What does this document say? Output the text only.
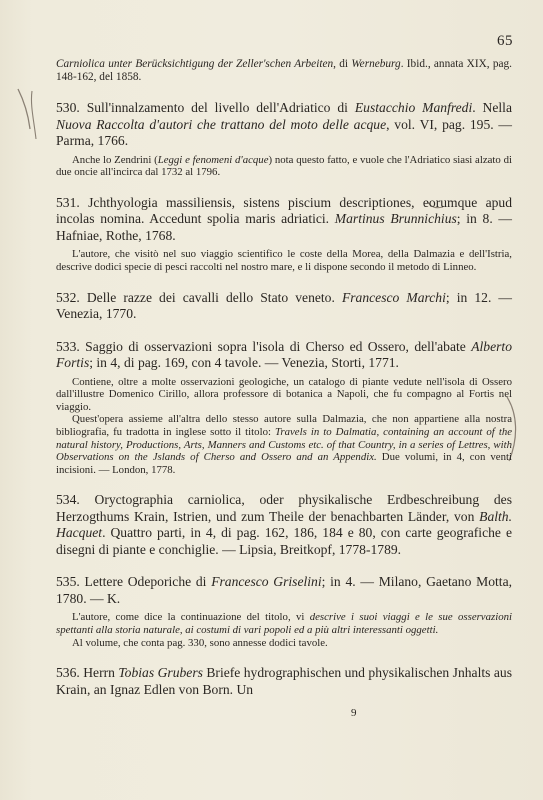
65

Carniolica unter Berücksichtigung der Zeller'schen Arbeiten, di Werneburg. Ibid., annata XIX, pag. 148-162, del 1858.

530. Sull'innalzamento del livello dell'Adriatico di Eustacchio Manfredi. Nella Nuova Raccolta d'autori che trattano del moto delle acque, vol. VI, pag. 195. — Parma, 1766.

Anche lo Zendrini (Leggi e fenomeni d'acque) nota questo fatto, e vuole che l'Adriatico siasi alzato di due oncie all'incirca dal 1732 al 1796.

531. Jchthyologia massiliensis, sistens piscium descriptiones, eorumque apud incolas nomina. Accedunt spolia maris adriatici. Martinus Brunnichius; in 8. — Hafniae, Rothe, 1768.

L'autore, che visitò nel suo viaggio scientifico le coste della Morea, della Dalmazia e dell'Istria, descrive dodici specie di pesci raccolti nel nostro mare, e li dispone secondo il metodo di Linneo.

532. Delle razze dei cavalli dello Stato veneto. Francesco Marchi; in 12. — Venezia, 1770.

533. Saggio di osservazioni sopra l'isola di Cherso ed Ossero, dell'abate Alberto Fortis; in 4, di pag. 169, con 4 tavole. — Venezia, Storti, 1771.

Contiene, oltre a molte osservazioni geologiche, un catalogo di piante vedute nell'isola di Ossero dall'illustre Domenico Cirillo, allora professore di botanica a Napoli, che fu compagno al Fortis nel viaggio.

Quest'opera assieme all'altra dello stesso autore sulla Dalmazia, che non appartiene alla nostra bibliografia, fu tradotta in inglese sotto il titolo: Travels in to Dalmatia, containing an account of the natural history, Productions, Arts, Manners and Customs etc. of that Country, in a series of Lettres, with Observations on the Jslands of Cherso and Ossero and an Appendix. Due volumi, in 4, con venti incisioni. — London, 1778.

534. Oryctographia carniolica, oder physikalische Erdbeschreibung des Herzogthums Krain, Istrien, und zum Theile der benachbarten Länder, von Balth. Hacquet. Quattro parti, in 4, di pag. 162, 186, 184 e 80, con carte geografiche e disegni di piante e conchiglie. — Lipsia, Breitkopf, 1778-1789.

535. Lettere Odeporiche di Francesco Griselini; in 4. — Milano, Gaetano Motta, 1780. — K.

L'autore, come dice la continuazione del titolo, vi descrive i suoi viaggi e le sue osservazioni spettanti alla storia naturale, ai costumi di vari popoli ed a più altri interessanti oggetti.

Al volume, che conta pag. 330, sono annesse dodici tavole.

536. Herrn Tobias Grubers Briefe hydrographischen und physikalischen Jnhalts aus Krain, an Ignaz Edlen von Born. Un

9
